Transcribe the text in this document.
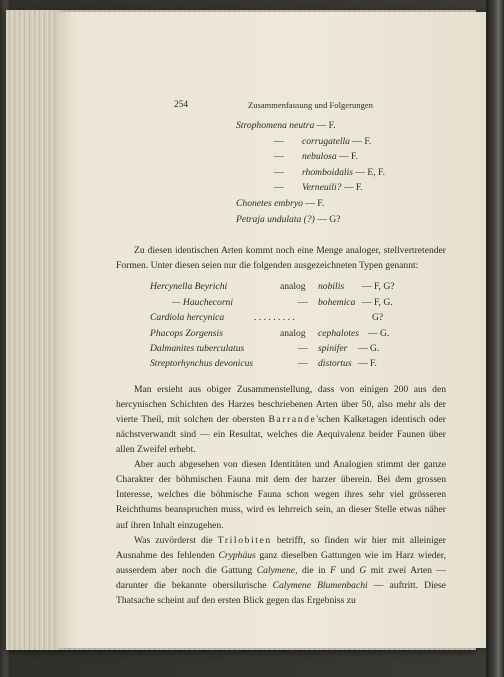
254	Zusammenfassung und Folgerungen
Strophomena neutra — F.
— corrugatella — F.
— nebulosa — F.
— rhomboidalis — E, F.
— Verneuili? — F.
Chonetes embryo — F.
Petraja undulata (?) — G?

Zu diesen identischen Arten kommt noch eine Menge analoger, stellvertretender Formen. Unter diesen seien nur die folgenden ausgezeichneten Typen genannt:

Hercynella Beyrichi	analog nobilis — F, G?
— Hauchecorni	— bohemica — F, G.
Cardiola hercynica	. . . . . . . . .	G?
Phacops Zorgensis	analog cephalotes — G.
Dalmanites tuberculatus	— spinifer — G.
Streptorhynchus devonicus	— distortus — F.

Man ersieht aus obiger Zusammenstellung, dass von einigen 200 aus den hercynischen Schichten des Harzes beschriebenen Arten über 50, also mehr als der vierte Theil, mit solchen der obersten Barrande'schen Kalketagen identisch oder nächstverwandt sind — ein Resultat, welches die Aequivalenz beider Faunen über allen Zweifel erhebt.

Aber auch abgesehen von diesen Identitäten und Analogien stimmt der ganze Charakter der böhmischen Fauna mit dem der harzer überein. Bei dem grossen Interesse, welches die böhmische Fauna schon wegen ihres sehr viel grösseren Reichthums beanspruchen muss, wird es lehrreich sein, an dieser Stelle etwas näher auf ihren Inhalt einzugehen.

Was zuvörderst die Trilobiten betrifft, so finden wir hier mit alleiniger Ausnahme des fehlenden Cryphäus ganz dieselben Gattungen wie im Harz wieder, ausserdem aber noch die Gattung Calymene, die in F und G mit zwei Arten — darunter die bekannte obersilurische Calymene Blumenbachi — auftritt. Diese Thatsache scheint auf den ersten Blick gegen das Ergebniss zu
